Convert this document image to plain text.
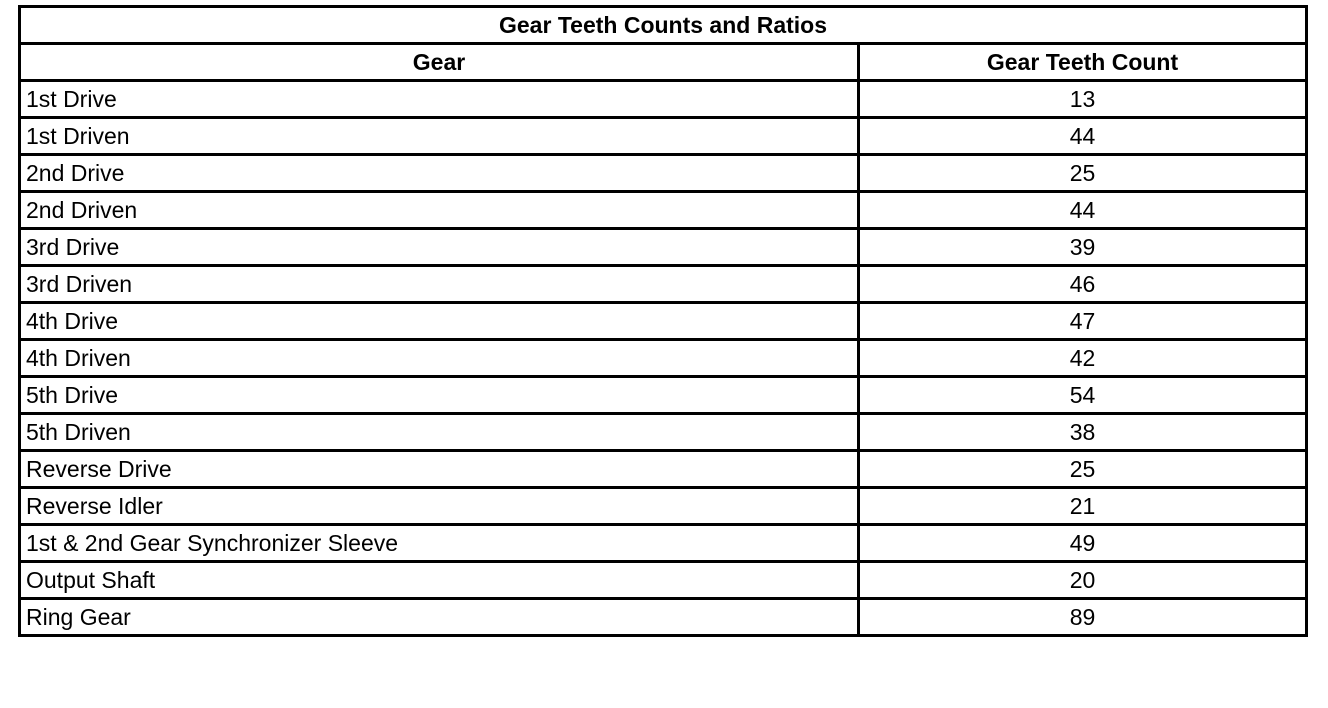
Gear Teeth Counts and Ratios	
Gear	Gear Teeth Count
1st Drive	13
1st Driven	44
2nd Drive	25
2nd Driven	44
3rd Drive	39
3rd Driven	46
4th Drive	47
4th Driven	42
5th Drive	54
5th Driven	38
Reverse Drive	25
Reverse Idler	21
1st & 2nd Gear Synchronizer Sleeve	49
Output Shaft	20
Ring Gear	89
